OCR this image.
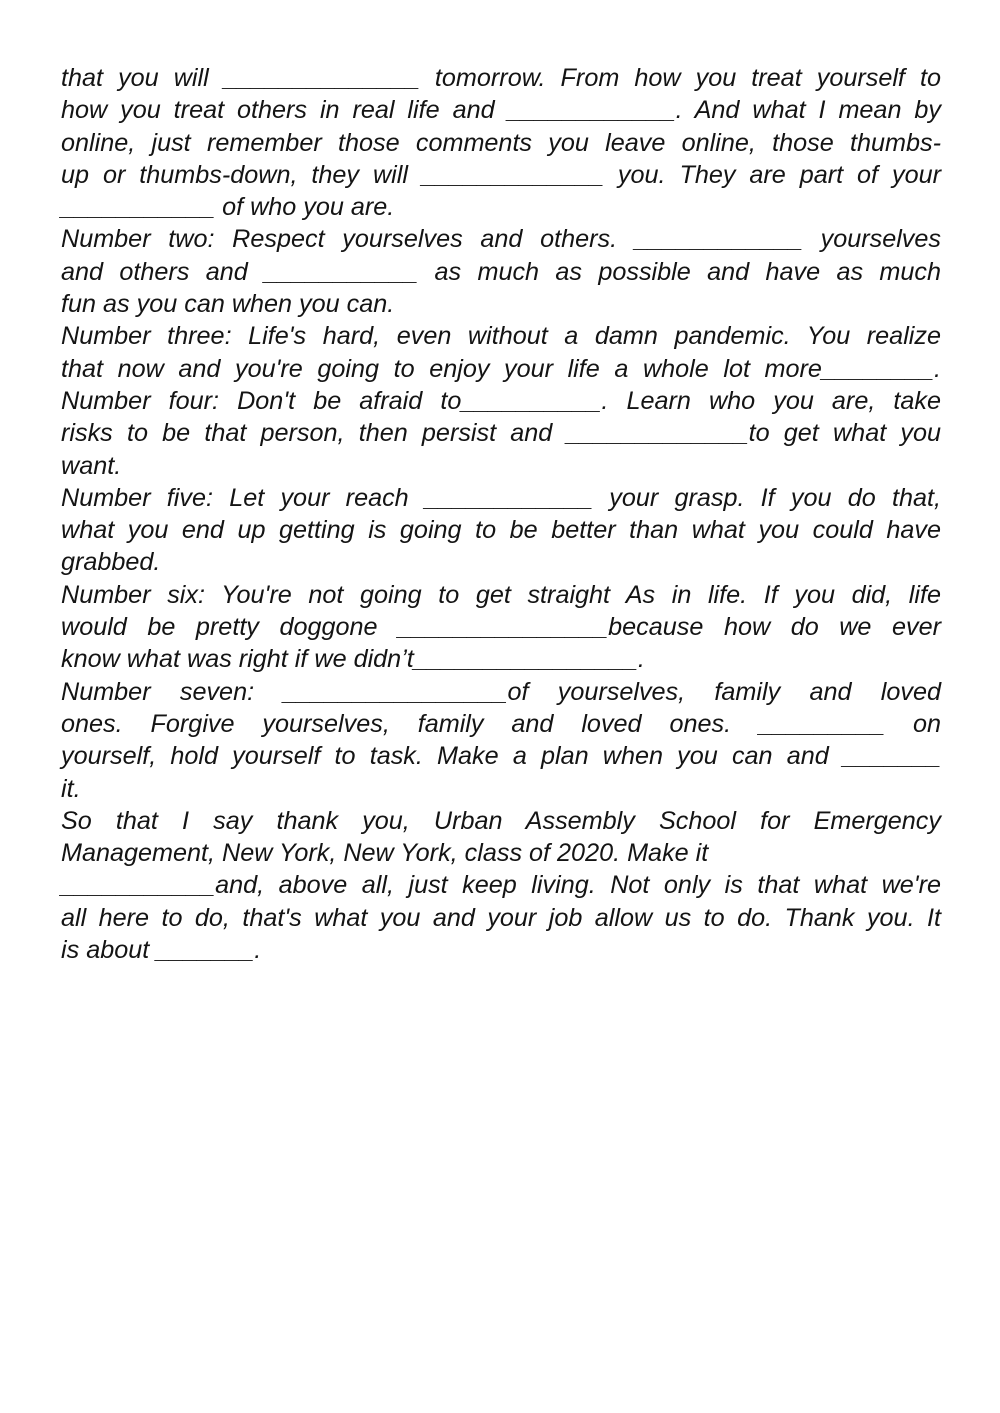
that you will ______________ tomorrow. From how you treat yourself to
how you treat others in real life and ____________. And what I mean by
online, just remember those comments you leave online, those thumbs-
up or thumbs-down, they will _____________ you. They are part of your
___________ of who you are.
Number two: Respect yourselves and others. ____________ yourselves
and others and ___________ as much as possible and have as much
fun as you can when you can.
Number three: Life's hard, even without a damn pandemic. You realize
that now and you're going to enjoy your life a whole lot more________.
Number four: Don't be afraid to__________. Learn who you are, take
risks to be that person, then persist and _____________to get what you
want.
Number five: Let your reach ____________ your grasp. If you do that,
what you end up getting is going to be better than what you could have
grabbed.
Number six: You're not going to get straight As in life. If you did, life
would be pretty doggone _______________because how do we ever
know what was right if we didn’t________________.
Number seven: ________________of yourselves, family and loved
ones. Forgive yourselves, family and loved ones. _________ on
yourself, hold yourself to task. Make a plan when you can and _______
it.
So that I say thank you, Urban Assembly School for Emergency
Management, New York, New York, class of 2020. Make it
___________and, above all, just keep living. Not only is that what we're
all here to do, that's what you and your job allow us to do. Thank you. It
is about _______.
